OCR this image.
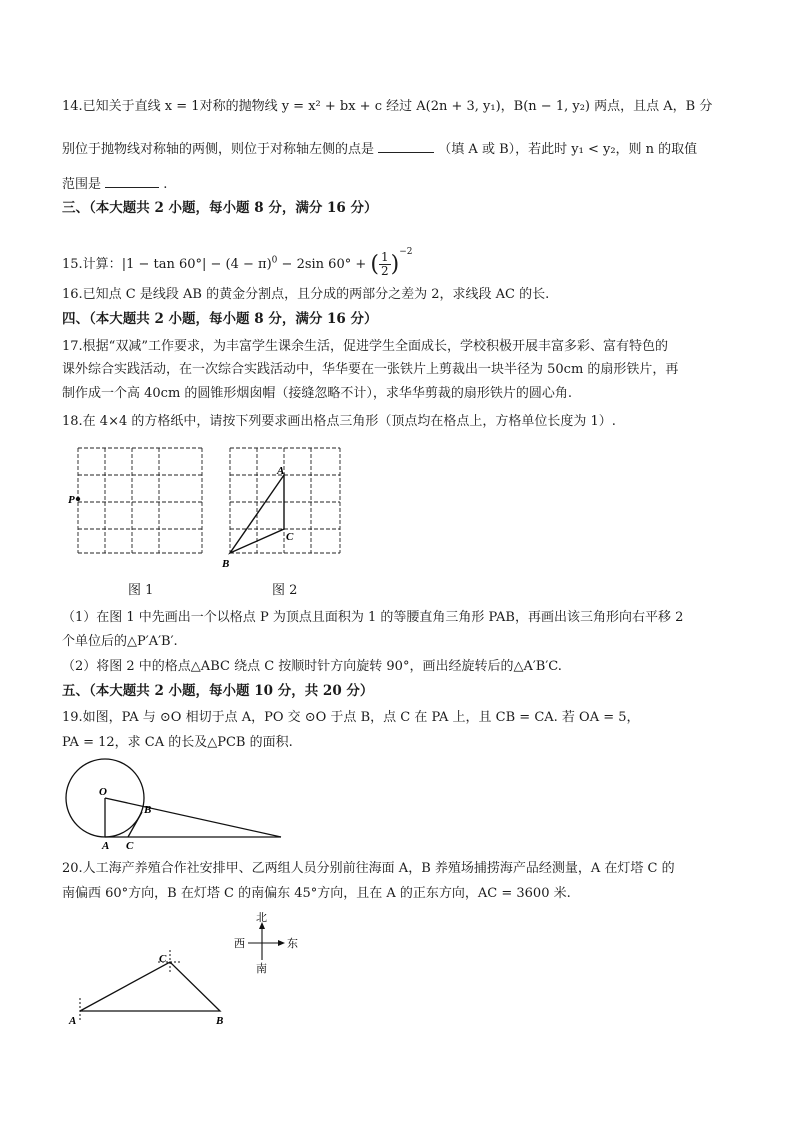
14.已知关于直线 x = 1对称的抛物线 y = x² + bx + c 经过 A(2n + 3, y₁)，B(n − 1, y₂) 两点，且点 A，B 分
别位于抛物线对称轴的两侧，则位于对称轴左侧的点是	（填 A 或 B），若此时 y₁ < y₂，则 n 的取值
范围是	.
三、（本大题共 2 小题，每小题 8 分，满分 16 分）
15.计算：$|1 - \tan 60^\circ| - (4 - \pi)^0 - 2\sin$ 60° + ( $\frac{1}{2} )^{-2}$
16.已知点 C 是线段 AB 的黄金分割点，且分成的两部分之差为 2，求线段 AC 的长.
四、（本大题共 2 小题，每小题 8 分，满分 16 分）
17.根据“双减”工作要求，为丰富学生课余生活，促进学生全面成长，学校积极开展丰富多彩、富有特色的
课外综合实践活动，在一次综合实践活动中，华华要在一张铁片上剪裁出一块半径为 50cm 的扇形铁片，再
制作成一个高 40cm 的圆锥形烟囱帽（接缝忽略不计），求华华剪裁的扇形铁片的圆心角.
18.在 4×4 的方格纸中，请按下列要求画出格点三角形（顶点均在格点上，方格单位长度为 1）.
P
A
B
C
图 1	图 2
（1）在图 1 中先画出一个以格点 P 为顶点且面积为 1 的等腰直角三角形 PAB，再画出该三角形向右平移 2
个单位后的△P′A′B′.
（2）将图 2 中的格点△ABC 绕点 C 按顺时针方向旋转 90°，画出经旋转后的△A′B′C.
五、（本大题共 2 小题，每小题 10 分，共 20 分）
19.如图，PA 与 ⊙O 相切于点 A，PO 交 ⊙O 于点 B，点 C 在 PA 上，且 CB = CA. 若 OA = 5，
PA = 12，求 CA 的长及△PCB 的面积.
O
B
A C
20.人工海产养殖合作社安排甲、乙两组人员分别前往海面 A，B 养殖场捕捞海产品经测量，A 在灯塔 C 的
南偏西 60°方向，B 在灯塔 C 的南偏东 45°方向，且在 A 的正东方向，AC = 3600 米.
C
A	B
北
南
东
西
